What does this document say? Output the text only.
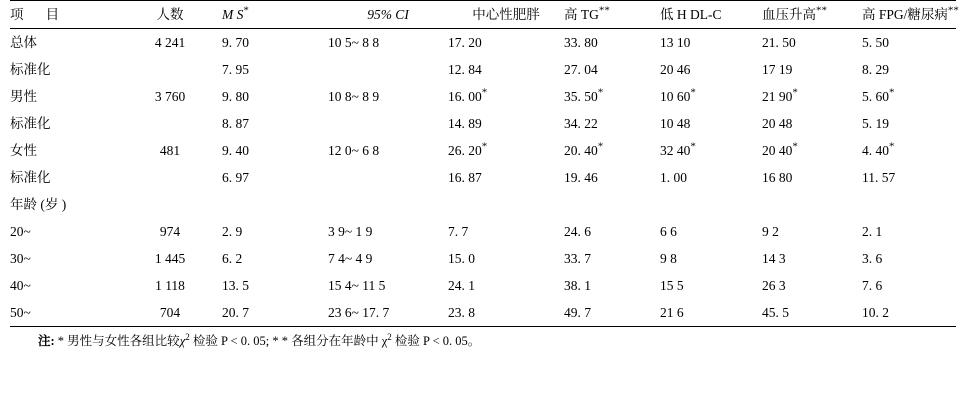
项　目	人数	M S*	95% CI	中心性肥胖	高 TG**	低 H DL-C	血压升高**	高 FPG/糖尿病**
总体	4 241	9. 70	10 5~ 8 8	17. 20	33. 80	13 10	21. 50	5. 50
标准化		7. 95		12. 84	27. 04	20 46	17 19	8. 29
男性	3 760	9. 80	10 8~ 8 9	16. 00*	35. 50*	10 60*	21 90*	5. 60*
标准化		8. 87		14. 89	34. 22	10 48	20 48	5. 19
女性	481	9. 40	12 0~ 6 8	26. 20*	20. 40*	32 40*	20 40*	4. 40*
标准化		6. 97		16. 87	19. 46	1. 00	16 80	11. 57
年龄 (岁 )								
20~	974	2. 9	3 9~ 1 9	7. 7	24. 6	6 6	9 2	2. 1
30~	1 445	6. 2	7 4~ 4 9	15. 0	33. 7	9 8	14 3	3. 6
40~	1 118	13. 5	15 4~ 11 5	24. 1	38. 1	15 5	26 3	7. 6
50~	704	20. 7	23 6~ 17. 7	23. 8	49. 7	21 6	45. 5	10. 2
注: * 男性与女性各组比较$\chi^2$ 检验 P < 0. 05; * * 各组分在年龄中 $\chi^2$ 检验 P < 0. 05。
